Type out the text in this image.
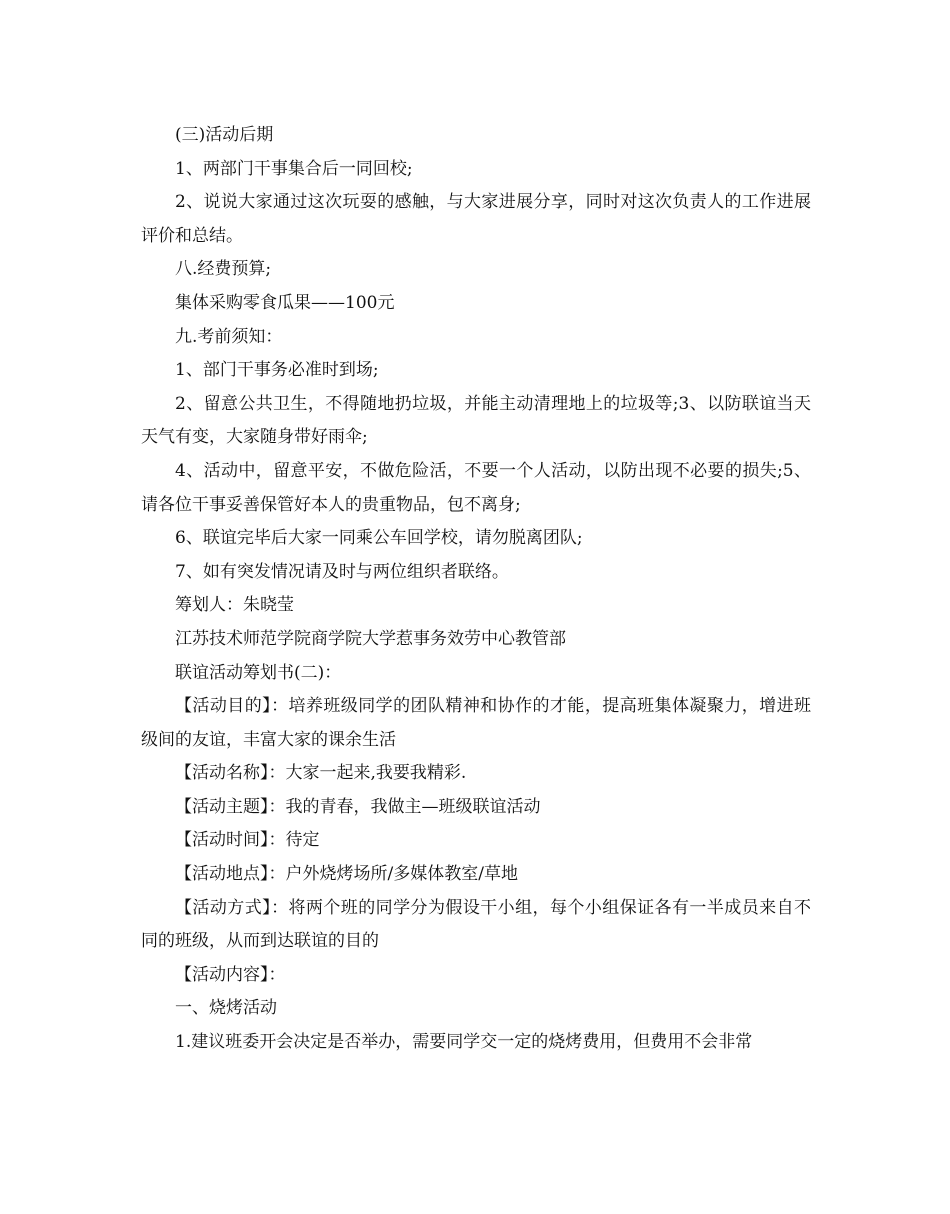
(三)活动后期

1、两部门干事集合后一同回校;

2、说说大家通过这次玩耍的感触，与大家进展分享，同时对这次负责人的工作进展评价和总结。

八.经费预算;

集体采购零食瓜果——100元

九.考前须知：

1、部门干事务必准时到场;

2、留意公共卫生，不得随地扔垃圾，并能主动清理地上的垃圾等;3、以防联谊当天天气有变，大家随身带好雨伞;

4、活动中，留意平安，不做危险活，不要一个人活动，以防出现不必要的损失;5、请各位干事妥善保管好本人的贵重物品，包不离身;

6、联谊完毕后大家一同乘公车回学校，请勿脱离团队;

7、如有突发情况请及时与两位组织者联络。

筹划人：朱晓莹

江苏技术师范学院商学院大学惹事务效劳中心教管部

联谊活动筹划书(二)：

【活动目的】：培养班级同学的团队精神和协作的才能，提高班集体凝聚力，增进班级间的友谊，丰富大家的课余生活

【活动名称】：大家一起来,我要我精彩.

【活动主题】：我的青春，我做主—班级联谊活动

【活动时间】：待定

【活动地点】：户外烧烤场所/多媒体教室/草地

【活动方式】：将两个班的同学分为假设干小组，每个小组保证各有一半成员来自不同的班级，从而到达联谊的目的

【活动内容】：

一、烧烤活动

1.建议班委开会决定是否举办，需要同学交一定的烧烤费用，但费用不会非常
